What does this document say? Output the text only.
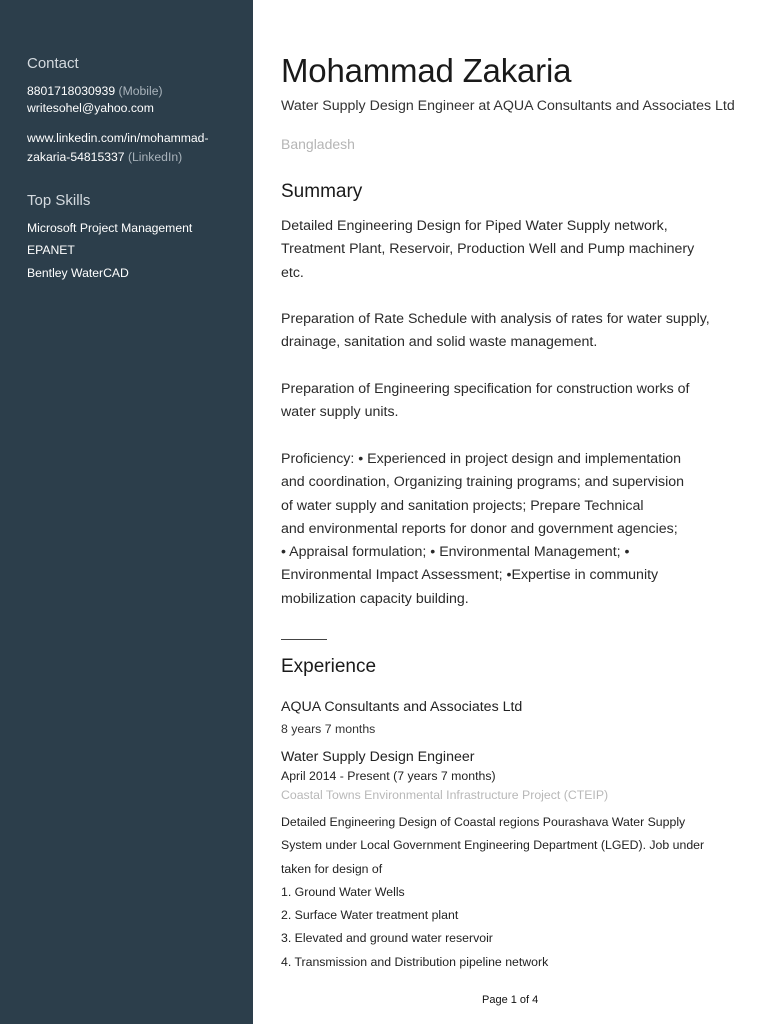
Contact
8801718030939 (Mobile)
writesohel@yahoo.com
www.linkedin.com/in/mohammad-
zakaria-54815337 (LinkedIn)
Top Skills
Microsoft Project Management
EPANET
Bentley WaterCAD
Mohammad Zakaria
Water Supply Design Engineer at AQUA Consultants and Associates Ltd
Bangladesh
Summary
Detailed Engineering Design for Piped Water Supply network,
Treatment Plant, Reservoir, Production Well and Pump machinery
etc.
Preparation of Rate Schedule with analysis of rates for water supply,
drainage, sanitation and solid waste management.
Preparation of Engineering specification for construction works of
water supply units.
Proficiency: • Experienced in project design and implementation
and coordination, Organizing training programs; and supervision
of water supply and sanitation projects; Prepare Technical
and environmental reports for donor and government agencies;
• Appraisal formulation; • Environmental Management; •
Environmental Impact Assessment; •Expertise in community
mobilization capacity building.
Experience
AQUA Consultants and Associates Ltd
8 years 7 months
Water Supply Design Engineer
April 2014 - Present (7 years 7 months)
Coastal Towns Environmental Infrastructure Project (CTEIP)
Detailed Engineering Design of Coastal regions Pourashava Water Supply
System under Local Government Engineering Department (LGED). Job under
taken for design of
1. Ground Water Wells
2. Surface Water treatment plant
3. Elevated and ground water reservoir
4. Transmission and Distribution pipeline network
Page 1 of 4
